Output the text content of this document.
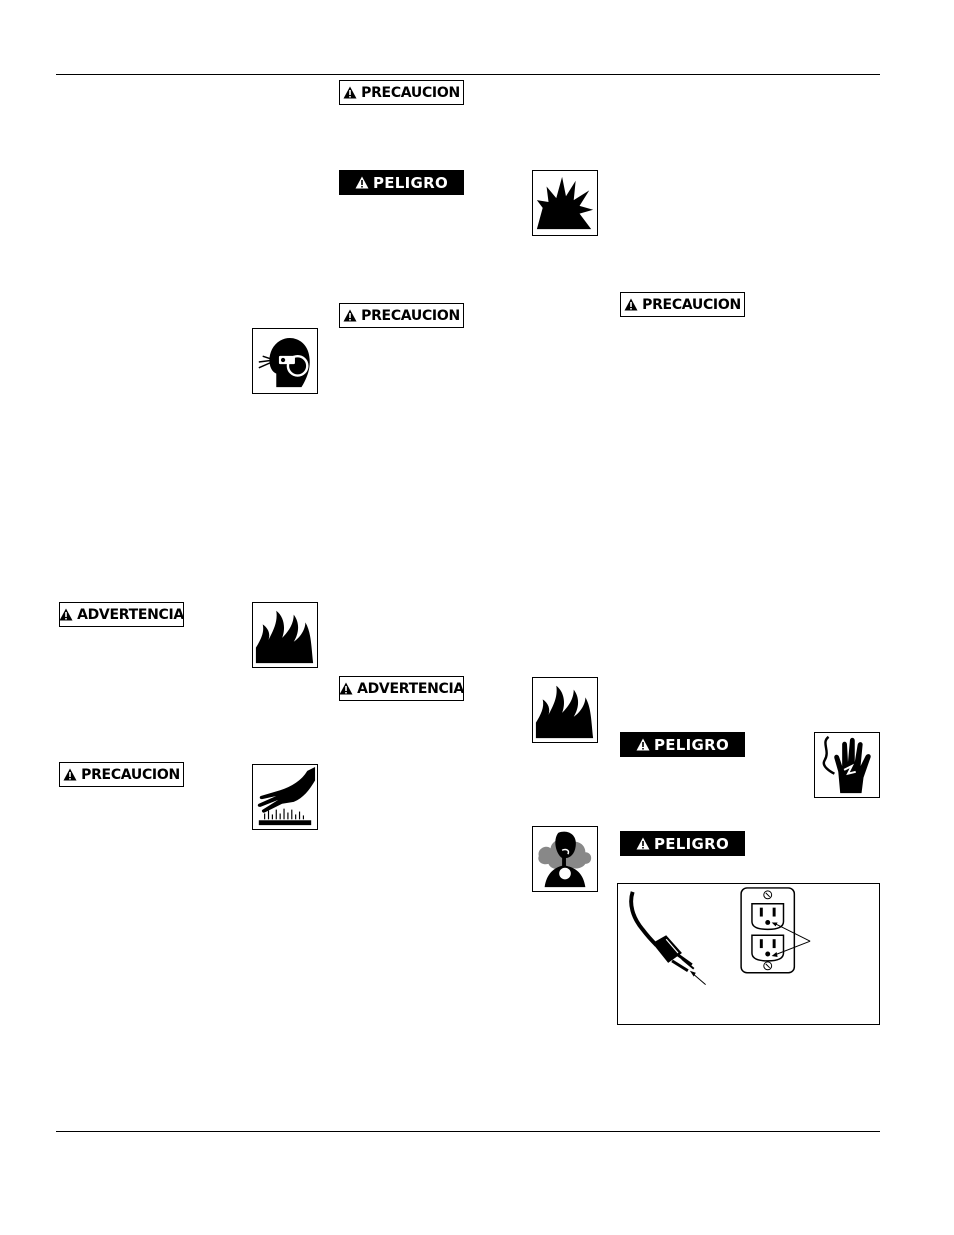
PRECAUCION
PELIGRO
PRECAUCION
PRECAUCION
ADVERTENCIA
ADVERTENCIA
PRECAUCION
PELIGRO
PELIGRO
